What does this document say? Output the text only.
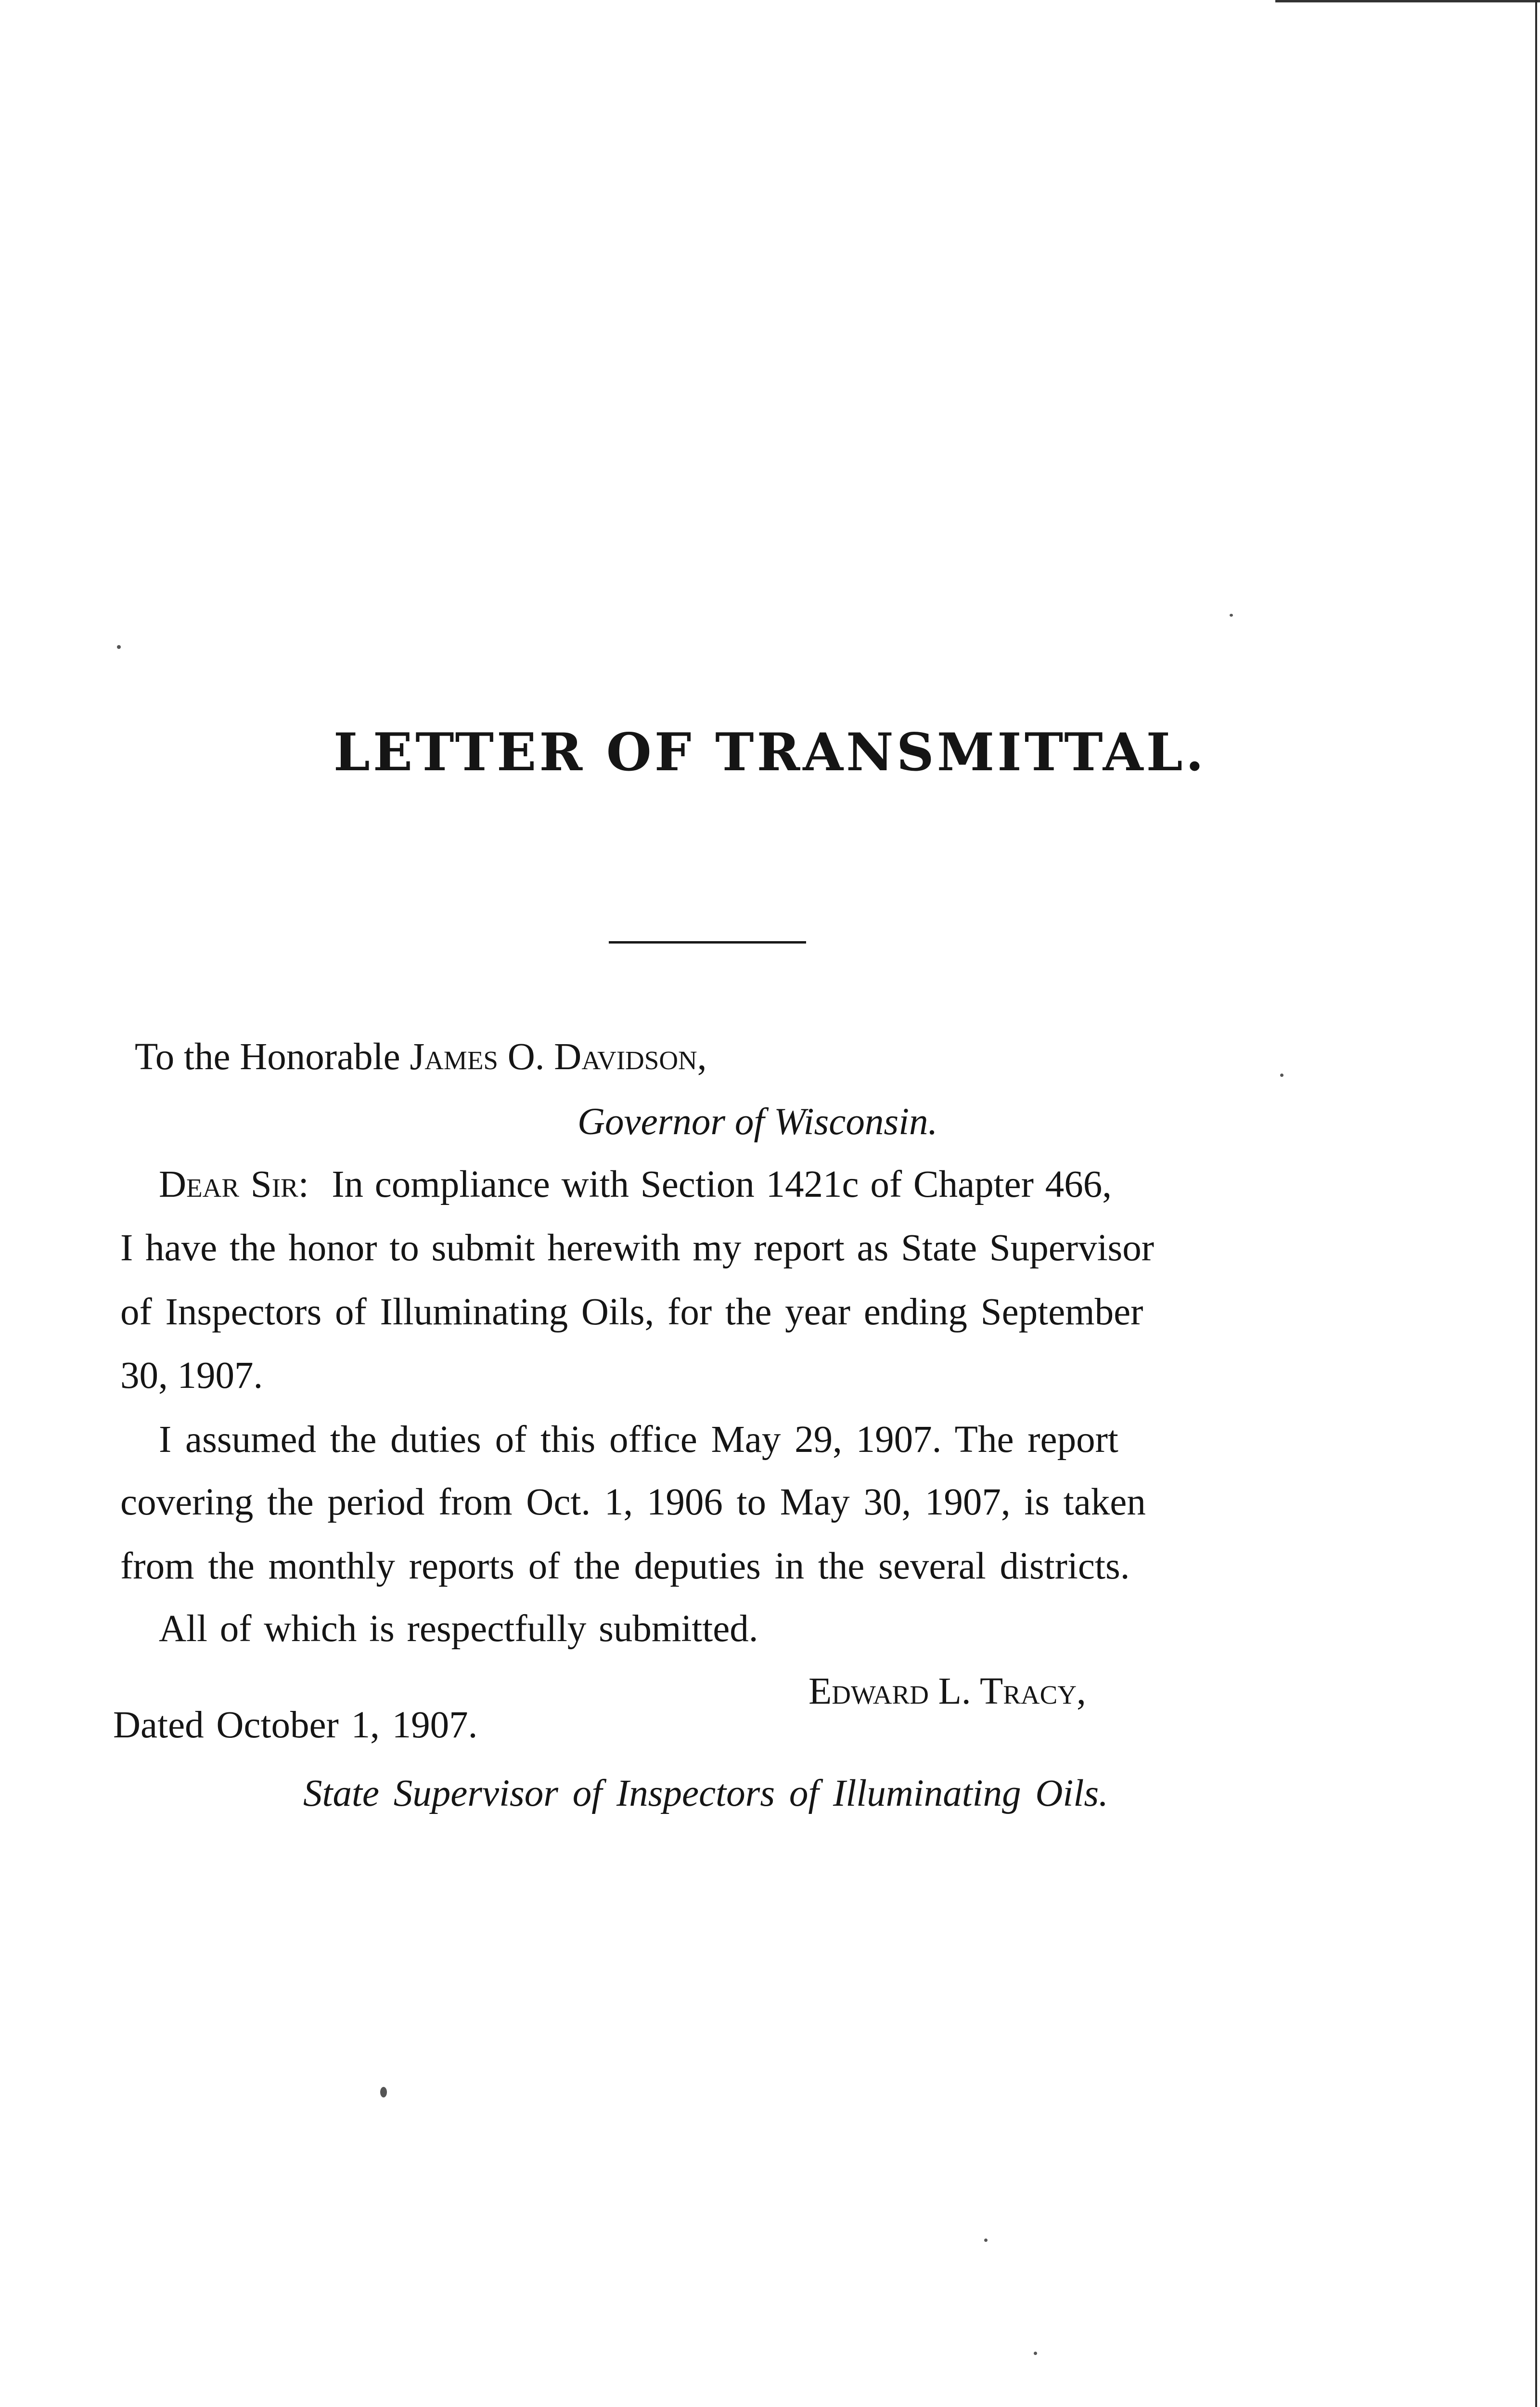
LETTER OF TRANSMITTAL.

To the Honorable James O. Davidson,

Governor of Wisconsin.

Dear Sir: In compliance with Section 1421c of Chapter 466,

I have the honor to submit herewith my report as State Supervisor

of Inspectors of Illuminating Oils, for the year ending September

30, 1907.

I assumed the duties of this office May 29, 1907. The report

covering the period from Oct. 1, 1906 to May 30, 1907, is taken

from the monthly reports of the deputies in the several districts.

All of which is respectfully submitted.

Edward L. Tracy,

Dated October 1, 1907.

State Supervisor of Inspectors of Illuminating Oils.
